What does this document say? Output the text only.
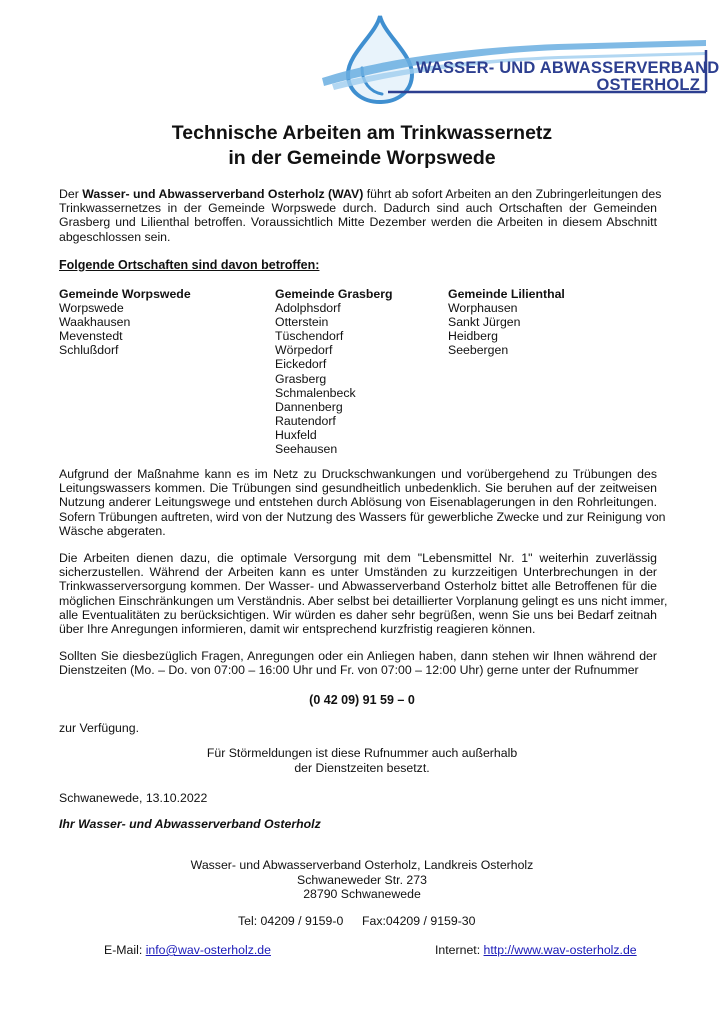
WASSER- UND ABWASSERVERBAND
OSTERHOLZ
Technische Arbeiten am Trinkwassernetz
in der Gemeinde Worpswede
Der Wasser- und Abwasserverband Osterholz (WAV) führt ab sofort Arbeiten an den Zubringerleitungen des
Trinkwassernetzes in der Gemeinde Worpswede durch. Dadurch sind auch Ortschaften der Gemeinden
Grasberg und Lilienthal betroffen. Voraussichtlich Mitte Dezember werden die Arbeiten in diesem Abschnitt
abgeschlossen sein.
Folgende Ortschaften sind davon betroffen:
Gemeinde Worpswede
Worpswede
Waakhausen
Mevenstedt
Schlußdorf
Gemeinde Grasberg
Adolphsdorf
Otterstein
Tüschendorf
Wörpedorf
Eickedorf
Grasberg
Schmalenbeck
Dannenberg
Rautendorf
Huxfeld
Seehausen
Gemeinde Lilienthal
Worphausen
Sankt Jürgen
Heidberg
Seebergen
Aufgrund der Maßnahme kann es im Netz zu Druckschwankungen und vorübergehend zu Trübungen des
Leitungswassers kommen. Die Trübungen sind gesundheitlich unbedenklich. Sie beruhen auf der zeitweisen
Nutzung anderer Leitungswege und entstehen durch Ablösung von Eisenablagerungen in den Rohrleitungen.
Sofern Trübungen auftreten, wird von der Nutzung des Wassers für gewerbliche Zwecke und zur Reinigung von
Wäsche abgeraten.
Die Arbeiten dienen dazu, die optimale Versorgung mit dem "Lebensmittel Nr. 1" weiterhin zuverlässig
sicherzustellen. Während der Arbeiten kann es unter Umständen zu kurzzeitigen Unterbrechungen in der
Trinkwasserversorgung kommen. Der Wasser- und Abwasserverband Osterholz bittet alle Betroffenen für die
möglichen Einschränkungen um Verständnis. Aber selbst bei detaillierter Vorplanung gelingt es uns nicht immer,
alle Eventualitäten zu berücksichtigen. Wir würden es daher sehr begrüßen, wenn Sie uns bei Bedarf zeitnah
über Ihre Anregungen informieren, damit wir entsprechend kurzfristig reagieren können.
Sollten Sie diesbezüglich Fragen, Anregungen oder ein Anliegen haben, dann stehen wir Ihnen während der
Dienstzeiten (Mo. – Do. von 07:00 – 16:00 Uhr und Fr. von 07:00 – 12:00 Uhr) gerne unter der Rufnummer
(0 42 09) 91 59 – 0
zur Verfügung.
Für Störmeldungen ist diese Rufnummer auch außerhalb
der Dienstzeiten besetzt.
Schwanewede, 13.10.2022
Ihr Wasser- und Abwasserverband Osterholz
Wasser- und Abwasserverband Osterholz, Landkreis Osterholz
Schwaneweder Str. 273
28790 Schwanewede
Tel: 04209 / 9159-0 Fax:04209 / 9159-30
E-Mail: info@wav-osterholz.de	Internet: http://www.wav-osterholz.de
